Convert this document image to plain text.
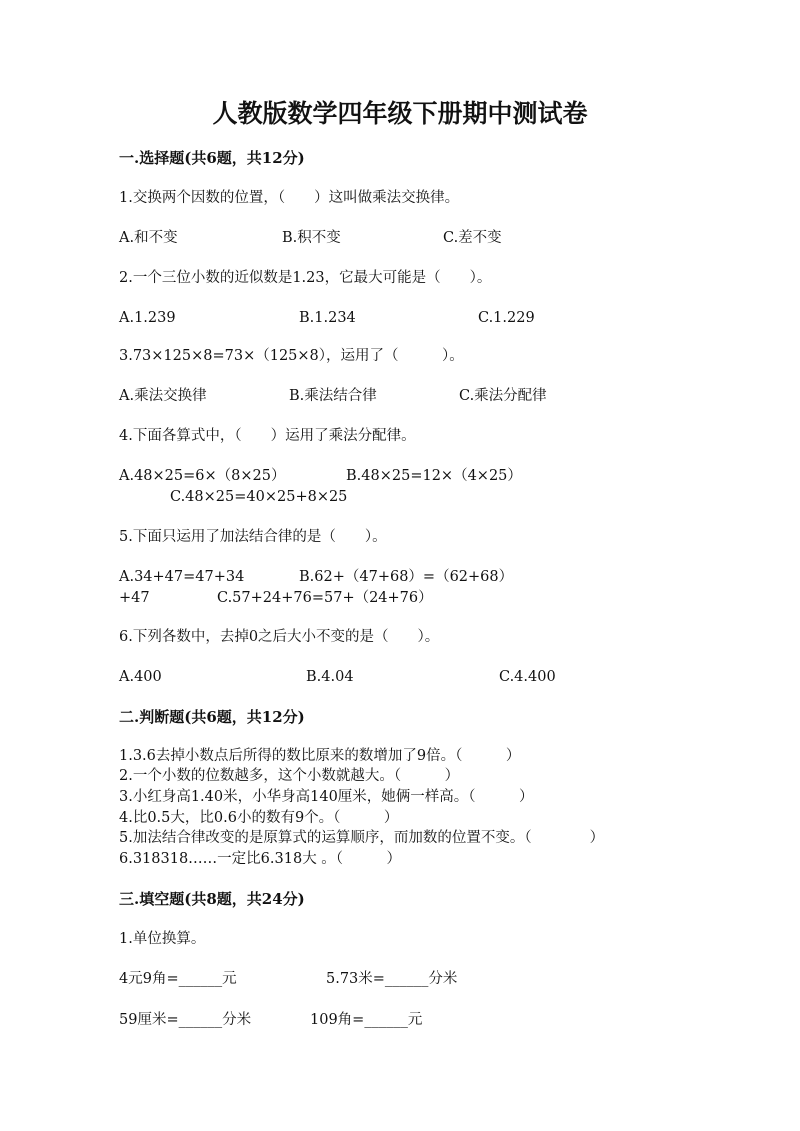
人教版数学四年级下册期中测试卷
一.选择题(共6题，共12分)
1.交换两个因数的位置，（　　）这叫做乘法交换律。
A.和不变	B.积不变	C.差不变
2.一个三位小数的近似数是1.23，它最大可能是（　　）。
A.1.239	B.1.234	C.1.229
3.73×125×8=73×（125×8），运用了（　　　）。
A.乘法交换律	B.乘法结合律	C.乘法分配律
4.下面各算式中，（　　）运用了乘法分配律。
A.48×25=6×（8×25）	B.48×25=12×（4×25）
C.48×25=40×25+8×25
5.下面只运用了加法结合律的是（　　）。
A.34+47=47+34	B.62+（47+68）=（62+68）
+47	C.57+24+76=57+（24+76）
6.下列各数中，去掉0之后大小不变的是（　　）。
A.400	B.4.04	C.4.400
二.判断题(共6题，共12分)
1.3.6去掉小数点后所得的数比原来的数增加了9倍。（　　　）
2.一个小数的位数越多，这个小数就越大。（　　　）
3.小红身高1.40米，小华身高140厘米，她俩一样高。（　　　）
4.比0.5大，比0.6小的数有9个。（　　　）
5.加法结合律改变的是原算式的运算顺序，而加数的位置不变。（　　　　）
6.318318……一定比6.318大 。（　　　）
三.填空题(共8题，共24分)
1.单位换算。
4元9角=______元	5.73米=______分米
59厘米=______分米	109角=______元
